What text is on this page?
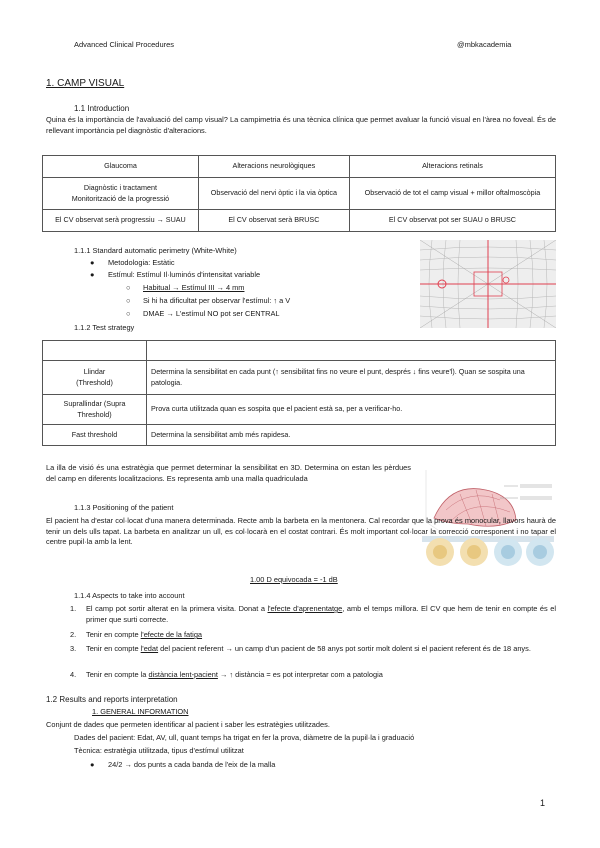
Advanced Clinical Procedures	@mbkacademia
1. CAMP VISUAL
1.1 Introduction
Quina és la importància de l'avaluació del camp visual? La campimetria és una tècnica clínica que permet avaluar la funció visual en l'àrea no foveal. És de rellevant importància pel diagnòstic d'alteracions.
Glaucoma	Alteracions neurològiques	Alteracions retinals
Diagnòstic i tractament
Monitorització de la progressió	Observació del nervi òptic i la via òptica	Observació de tot el camp visual + millor oftalmoscòpia
El CV observat serà progressiu → SUAU	El CV observat serà BRUSC	El CV observat pot ser SUAU o BRUSC
1.1.1 Standard automatic perimetry (White-White)
● Metodologia: Estàtic
● Estímul: Estímul Il·luminós d'intensitat variable
○ Habitual → Estímul III → 4 mm
○ Si hi ha dificultat per observar l'estímul: ↑ a V
○ DMAE → L'estímul NO pot ser CENTRAL
1.1.2 Test strategy

Llindar
(Threshold)	Determina la sensibilitat en cada punt (↑ sensibilitat fins no veure el punt, després ↓ fins veure'l). Quan se sospita una patologia.
Suprallindar (Supra Threshold)	Prova curta utilitzada quan es sospita que el pacient està sa, per a verificar-ho.
Fast threshold	Determina la sensibilitat amb més rapidesa.
La illa de visió és una estratègia que permet determinar la sensibilitat en 3D. Determina on estan les pèrdues del camp en diferents localitzacions. Es representa amb una malla quadriculada
1.1.3 Positioning of the patient
El pacient ha d'estar col·locat d'una manera determinada. Recte amb la barbeta en la mentonera. Cal recordar que la prova és monocular, llavors haurà de tenir un dels ulls tapat. La barbeta en analitzar un ull, es col·locarà en el costat contrari. És molt important col·locar la correcció corresponent i no tapar el centre pupil·la amb la lent.
1.00 D equivocada = -1 dB
1.1.4 Aspects to take into account
1. El camp pot sortir alterat en la primera visita. Donat a l'efecte d'aprenentatge, amb el temps millora. El CV que hem de tenir en compte és el primer que surti correcte.
2. Tenir en compte l'efecte de la fatiga
3. Tenir en compte l'edat del pacient referent → un camp d'un pacient de 58 anys pot sortir molt dolent si el pacient referent és de 18 anys.
4. Tenir en compte la distància lent-pacient → ↑ distància = es pot interpretar com a patologia
1.2 Results and reports interpretation
1. GENERAL INFORMATION
Conjunt de dades que permeten identificar al pacient i saber les estratègies utilitzades.
Dades del pacient: Edat, AV, ull, quant temps ha trigat en fer la prova, diàmetre de la pupil·la i graduació
Tècnica: estratègia utilitzada, tipus d'estímul utilitzat
● 24/2 → dos punts a cada banda de l'eix de la malla
1
